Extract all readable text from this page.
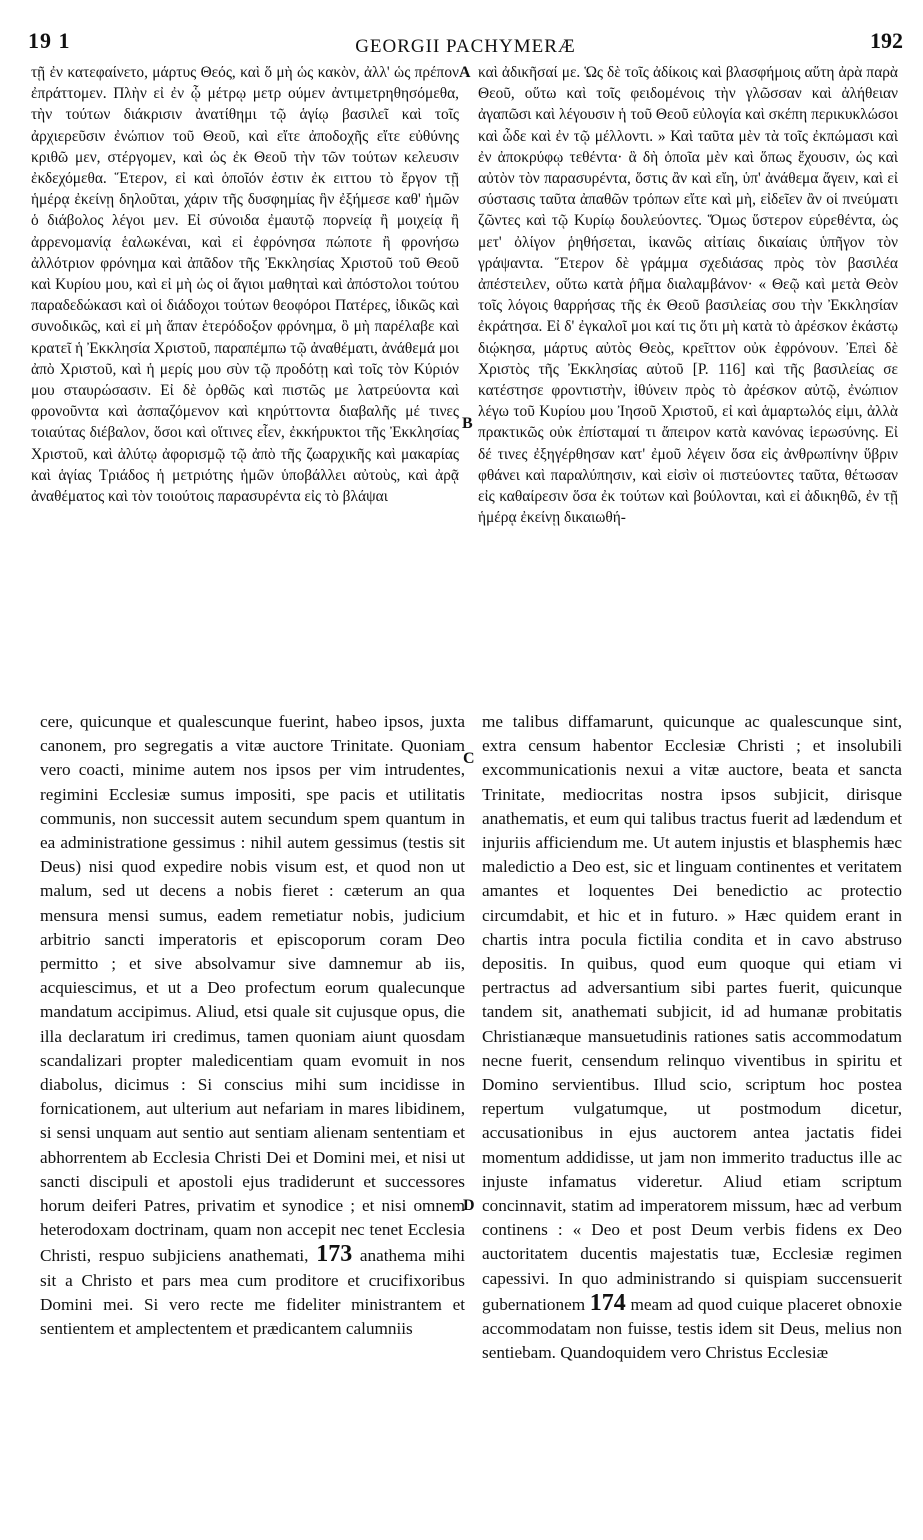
19 1	GEORGII PACHYMERÆ	192
A
B
C
D

τῇ ἐν κατεφαίνετο, μάρτυς Θεός, καὶ ὅ μὴ ὡς κακὸν, ἀλλ' ὡς πρέπον ἐπράττομεν. Πλὴν εἰ ἐν ᾧ μέτρῳ μετρ ούμεν ἀντιμετρηθησόμεθα, τὴν τούτων διάκρισιν ἀνατίθημι τῷ ἁγίῳ βασιλεῖ καὶ τοῖς ἀρχιερεῦσιν ἐνώπιον τοῦ Θεοῦ, καὶ εἴτε ἀποδοχῆς εἴτε εὐθύνης κριθῶ μεν, στέργομεν, καὶ ὡς ἐκ Θεοῦ τὴν τῶν τούτων κελευσιν ἐκδεχόμεθα. Ἕτερον, εἰ καὶ ὁποῖόν ἐστιν ἐκ ειττου τὸ ἔργον τῇ ἡμέρᾳ ἐκείνῃ δηλοῦται, χάριν τῆς δυσφημίας ἣν ἐξήμεσε καθ' ἡμῶν ὁ διάβολος λέγοι μεν. Εἰ σύνοιδα ἐμαυτῷ πορνείᾳ ἢ μοιχείᾳ ἢ ἀρρενομανίᾳ ἑαλωκέναι, καὶ εἰ ἐφρόνησα πώποτε ἢ φρονήσω ἀλλότριον φρόνημα καὶ ἀπᾶδον τῆς Ἐκκλησίας Χριστοῦ τοῦ Θεοῦ καὶ Κυρίου μου, καὶ εἰ μὴ ὡς οἱ ἅγιοι μαθηταὶ καὶ ἀπόστολοι τούτου παραδεδώκασι καὶ οἱ διάδοχοι τούτων θεοφόροι Πατέρες, ἰδικῶς καὶ συνοδικῶς, καὶ εἰ μὴ ἅπαν ἑτερόδοξον φρόνημα, ὃ μὴ παρέλαβε καὶ κρατεῖ ἡ Ἐκκλησία Χριστοῦ, παραπέμπω τῷ ἀναθέματι, ἀνάθεμά μοι ἀπὸ Χριστοῦ, καὶ ἡ μερίς μου σὺν τῷ προδότῃ καὶ τοῖς τὸν Κύριόν μου σταυρώσασιν. Εἰ δὲ ὀρθῶς καὶ πιστῶς με λατρεύοντα καὶ φρονοῦντα καὶ ἀσπαζόμενον καὶ κηρύττοντα διαβαλῆς μέ τινες τοιαύτας διέβαλον, ὅσοι καὶ οἵτινες εἶεν, ἐκκήρυκτοι τῆς Ἐκκλησίας Χριστοῦ, καὶ ἀλύτῳ ἀφορισμῷ τῷ ἀπὸ τῆς ζωαρχικῆς καὶ μακαρίας καὶ ἁγίας Τριάδος ἡ μετριότης ἡμῶν ὑποβάλλει αὐτοὺς, καὶ ἀρᾷ ἀναθέματος καὶ τὸν τοιούτοις παρασυρέντα εἰς τὸ βλάψαι

καὶ ἀδικῆσαί με. Ὡς δὲ τοῖς ἀδίκοις καὶ βλασφήμοις αὕτη ἀρὰ παρὰ Θεοῦ, οὕτω καὶ τοῖς φειδομένοις τὴν γλῶσσαν καὶ ἀλήθειαν ἀγαπῶσι καὶ λέγουσιν ἡ τοῦ Θεοῦ εὐλογία καὶ σκέπη περικυκλώσοι καὶ ὧδε καὶ ἐν τῷ μέλλοντι. » Καὶ ταῦτα μὲν τὰ τοῖς ἐκπώμασι καὶ ἐν ἀποκρύφῳ τεθέντα· ἃ δὴ ὁποῖα μὲν καὶ ὅπως ἔχουσιν, ὡς καὶ αὐτὸν τὸν παρασυρέντα, ὅστις ἂν καὶ εἴη, ὑπ' ἀνάθεμα ἄγειν, καὶ εἰ σύστασις ταῦτα ἀπαθῶν τρόπων εἴτε καὶ μὴ, εἰδεῖεν ἂν οἱ πνεύματι ζῶντες καὶ τῷ Κυρίῳ δουλεύοντες. Ὅμως ὕστερον εὑρεθέντα, ὡς μετ' ὀλίγον ῥηθήσεται, ἱκανῶς αἰτίαις δικαίαις ὑπῆγον τὸν γράψαντα. Ἕτερον δὲ γράμμα σχεδιάσας πρὸς τὸν βασιλέα ἀπέστειλεν, οὕτω κατὰ ῥῆμα διαλαμβάνον· « Θεῷ καὶ μετὰ Θεὸν τοῖς λόγοις θαρρήσας τῆς ἐκ Θεοῦ βασιλείας σου τὴν Ἐκκλησίαν ἐκράτησα. Εἰ δ' ἐγκαλοῖ μοι καί τις ὅτι μὴ κατὰ τὸ ἀρέσκον ἑκάστῳ διῴκησα, μάρτυς αὐτὸς Θεὸς, κρεῖττον οὐκ ἐφρόνουν. Ἐπεὶ δὲ Χριστὸς τῆς Ἐκκλησίας αὐτοῦ [P. 116] καὶ τῆς βασιλείας σε κατέστησε φροντιστὴν, ἰθύνειν πρὸς τὸ ἀρέσκον αὐτῷ, ἐνώπιον λέγω τοῦ Κυρίου μου Ἰησοῦ Χριστοῦ, εἰ καὶ ἁμαρτωλός εἰμι, ἀλλὰ πρακτικῶς οὐκ ἐπίσταμαί τι ἄπειρον κατὰ κανόνας ἱερωσύνης. Εἰ δέ τινες ἐξηγέρθησαν κατ' ἐμοῦ λέγειν ὅσα εἰς ἀνθρωπίνην ὕβριν φθάνει καὶ παραλύπησιν, καὶ εἰσὶν οἱ πιστεύοντες ταῦτα, θέτωσαν εἰς καθαίρεσιν ὅσα ἐκ τούτων καὶ βούλονται, καὶ εἰ ἀδικηθῶ, ἐν τῇ ἡμέρᾳ ἐκείνῃ δικαιωθή-

cere, quicunque et qualescunque fuerint, habeo ipsos, juxta canonem, pro segregatis a vitæ auctore Trinitate. Quoniam vero coacti, minime autem nos ipsos per vim intrudentes, regimini Ecclesiæ sumus impositi, spe pacis et utilitatis communis, non successit autem secundum spem quantum in ea administratione gessimus : nihil autem gessimus (testis sit Deus) nisi quod expedire nobis visum est, et quod non ut malum, sed ut decens a nobis fieret : cæterum an qua mensura mensi sumus, eadem remetiatur nobis, judicium arbitrio sancti imperatoris et episcoporum coram Deo permitto ; et sive absolvamur sive damnemur ab iis, acquiescimus, et ut a Deo profectum eorum qualecunque mandatum accipimus. Aliud, etsi quale sit cujusque opus, die illa declaratum iri credimus, tamen quoniam aiunt quosdam scandalizari propter maledicentiam quam evomuit in nos diabolus, dicimus : Si conscius mihi sum incidisse in fornicationem, aut ulterium aut nefariam in mares libidinem, si sensi unquam aut sentio aut sentiam alienam sententiam et abhorrentem ab Ecclesia Christi Dei et Domini mei, et nisi ut sancti discipuli et apostoli ejus tradiderunt et successores horum deiferi Patres, privatim et synodice ; et nisi omnem heterodoxam doctrinam, quam non accepit nec tenet Ecclesia Christi, respuo subjiciens anathemati, 173 anathema mihi sit a Christo et pars mea cum proditore et crucifixoribus Domini mei. Si vero recte me fideliter ministrantem et sentientem et amplectentem et prædicantem calumniis

me talibus diffamarunt, quicunque ac qualescunque sint, extra censum habentor Ecclesiæ Christi ; et insolubili excommunicationis nexui a vitæ auctore, beata et sancta Trinitate, mediocritas nostra ipsos subjicit, dirisque anathematis, et eum qui talibus tractus fuerit ad lædendum et injuriis afficiendum me. Ut autem injustis et blasphemis hæc maledictio a Deo est, sic et linguam continentes et veritatem amantes et loquentes Dei benedictio ac protectio circumdabit, et hic et in futuro. » Hæc quidem erant in chartis intra pocula fictilia condita et in cavo abstruso depositis. In quibus, quod eum quoque qui etiam vi pertractus ad adversantium sibi partes fuerit, quicunque tandem sit, anathemati subjicit, id ad humanæ probitatis Christianæque mansuetudinis rationes satis accommodatum necne fuerit, censendum relinquo viventibus in spiritu et Domino servientibus. Illud scio, scriptum hoc postea repertum vulgatumque, ut postmodum dicetur, accusationibus in ejus auctorem antea jactatis fidei momentum addidisse, ut jam non immerito traductus ille ac injuste infamatus videretur. Aliud etiam scriptum concinnavit, statim ad imperatorem missum, hæc ad verbum continens : « Deo et post Deum verbis fidens ex Deo auctoritatem ducentis majestatis tuæ, Ecclesiæ regimen capessivi. In quo administrando si quispiam succensuerit gubernationem 174 meam ad quod cuique placeret obnoxie accommodatam non fuisse, testis idem sit Deus, melius non sentiebam. Quandoquidem vero Christus Ecclesiæ
